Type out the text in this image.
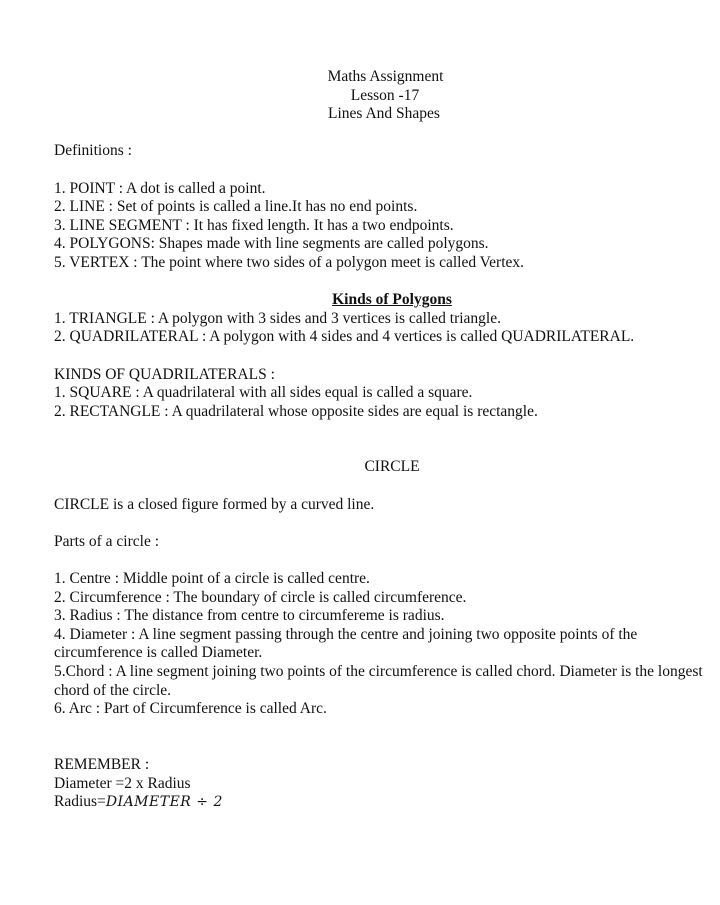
Maths Assignment
Lesson -17
Lines And Shapes
Definitions :
1. POINT : A dot is called a point.
2. LINE : Set of points is called a line.It has no end points.
3. LINE SEGMENT : It has fixed length. It has a two endpoints.
4. POLYGONS: Shapes made with line segments are called polygons.
5. VERTEX : The point where two sides of a polygon meet is called Vertex.
Kinds of Polygons
1. TRIANGLE : A polygon with 3 sides and 3 vertices is called triangle.
2. QUADRILATERAL : A polygon with 4 sides and 4 vertices is called QUADRILATERAL.
KINDS OF QUADRILATERALS :
1. SQUARE : A quadrilateral with all sides equal is called a square.
2. RECTANGLE : A quadrilateral whose opposite sides are equal is rectangle.
CIRCLE
CIRCLE is a closed figure formed by a curved line.
Parts of a circle :
1. Centre : Middle point of a circle is called centre.
2. Circumference : The boundary of circle is called circumference.
3. Radius : The distance from centre to circumfereme is radius.
4. Diameter : A line segment passing through the centre and joining two opposite points of the circumference is called Diameter.
5.Chord : A line segment joining two points of the circumference is called chord. Diameter is the longest chord of the circle.
6. Arc : Part of Circumference is called Arc.
REMEMBER :
Diameter =2 x Radius
Radius=DIAMETER ÷ 2
